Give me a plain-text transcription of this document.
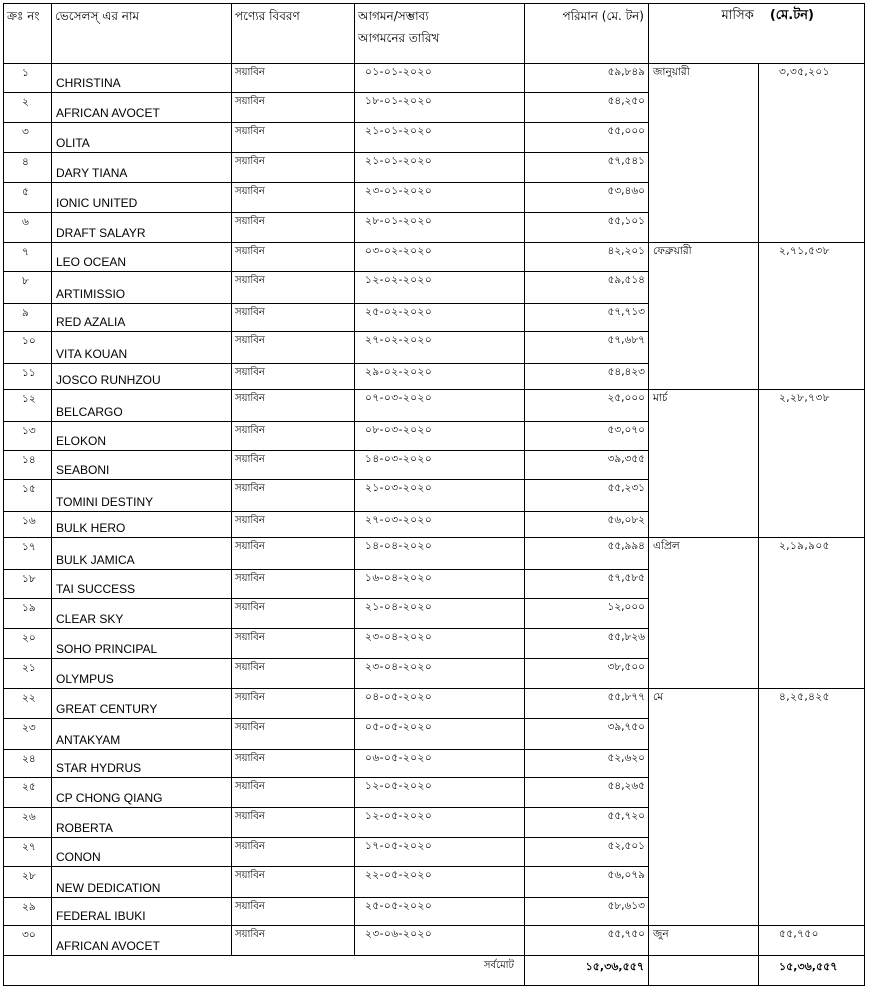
ক্রঃ নং	ভেসেলস্ এর নাম	পণ্যের বিবরণ	আগমন/সম্ভাব্য
আগমনের তারিখ	পরিমান (মে. টন)	মাসিক (মে.টন)	
১	CHRISTINA	সয়াবিন	০১-০১-২০২০	৫৯,৮৪৯	জানুয়ারী	৩,৩৫,২০১
২	AFRICAN AVOCET	সয়াবিন	১৮-০১-২০২০	৫৪,২৫০		
৩	OLITA	সয়াবিন	২১-০১-২০২০	৫৫,০০০		
৪	DARY TIANA	সয়াবিন	২১-০১-২০২০	৫৭,৫৪১		
৫	IONIC UNITED	সয়াবিন	২৩-০১-২০২০	৫৩,৪৬০		
৬	DRAFT SALAYR	সয়াবিন	২৮-০১-২০২০	৫৫,১০১		
৭	LEO OCEAN	সয়াবিন	০৩-০২-২০২০	৪২,২০১	ফেব্রুয়ারী	২,৭১,৫৩৮
৮	ARTIMISSIO	সয়াবিন	১২-০২-২০২০	৫৯,৫১৪		
৯	RED AZALIA	সয়াবিন	২৫-০২-২০২০	৫৭,৭১৩		
১০	VITA KOUAN	সয়াবিন	২৭-০২-২০২০	৫৭,৬৮৭		
১১	JOSCO RUNHZOU	সয়াবিন	২৯-০২-২০২০	৫৪,৪২৩		
১২	BELCARGO	সয়াবিন	০৭-০৩-২০২০	২৫,০০০	মার্চ	২,২৮,৭৩৮
১৩	ELOKON	সয়াবিন	০৮-০৩-২০২০	৫৩,০৭০		
১৪	SEABONI	সয়াবিন	১৪-০৩-২০২০	৩৯,৩৫৫		
১৫	TOMINI DESTINY	সয়াবিন	২১-০৩-২০২০	৫৫,২৩১		
১৬	BULK HERO	সয়াবিন	২৭-০৩-২০২০	৫৬,০৮২		
১৭	BULK JAMICA	সয়াবিন	১৪-০৪-২০২০	৫৫,৯৯৪	এপ্রিল	২,১৯,৯০৫
১৮	TAI SUCCESS	সয়াবিন	১৬-০৪-২০২০	৫৭,৫৮৫		
১৯	CLEAR SKY	সয়াবিন	২১-০৪-২০২০	১২,০০০		
২০	SOHO PRINCIPAL	সয়াবিন	২৩-০৪-২০২০	৫৫,৮২৬		
২১	OLYMPUS	সয়াবিন	২৩-০৪-২০২০	৩৮,৫০০		
২২	GREAT CENTURY	সয়াবিন	০৪-০৫-২০২০	৫৫,৮৭৭	মে	৪,২৫,৪২৫
২৩	ANTAKYAM	সয়াবিন	০৫-০৫-২০২০	৩৯,৭৫০		
২৪	STAR HYDRUS	সয়াবিন	০৬-০৫-২০২০	৫২,৬২০		
২৫	CP CHONG QIANG	সয়াবিন	১২-০৫-২০২০	৫৪,২৬৫		
২৬	ROBERTA	সয়াবিন	১২-০৫-২০২০	৫৫,৭২০		
২৭	CONON	সয়াবিন	১৭-০৫-২০২০	৫২,৫০১		
২৮	NEW DEDICATION	সয়াবিন	২২-০৫-২০২০	৫৬,০৭৯		
২৯	FEDERAL IBUKI	সয়াবিন	২৫-০৫-২০২০	৫৮,৬১৩		
৩০	AFRICAN AVOCET	সয়াবিন	২৩-০৬-২০২০	৫৫,৭৫০	জুন	৫৫,৭৫০
সর্বমোট				১৫,৩৬,৫৫৭		১৫,৩৬,৫৫৭
